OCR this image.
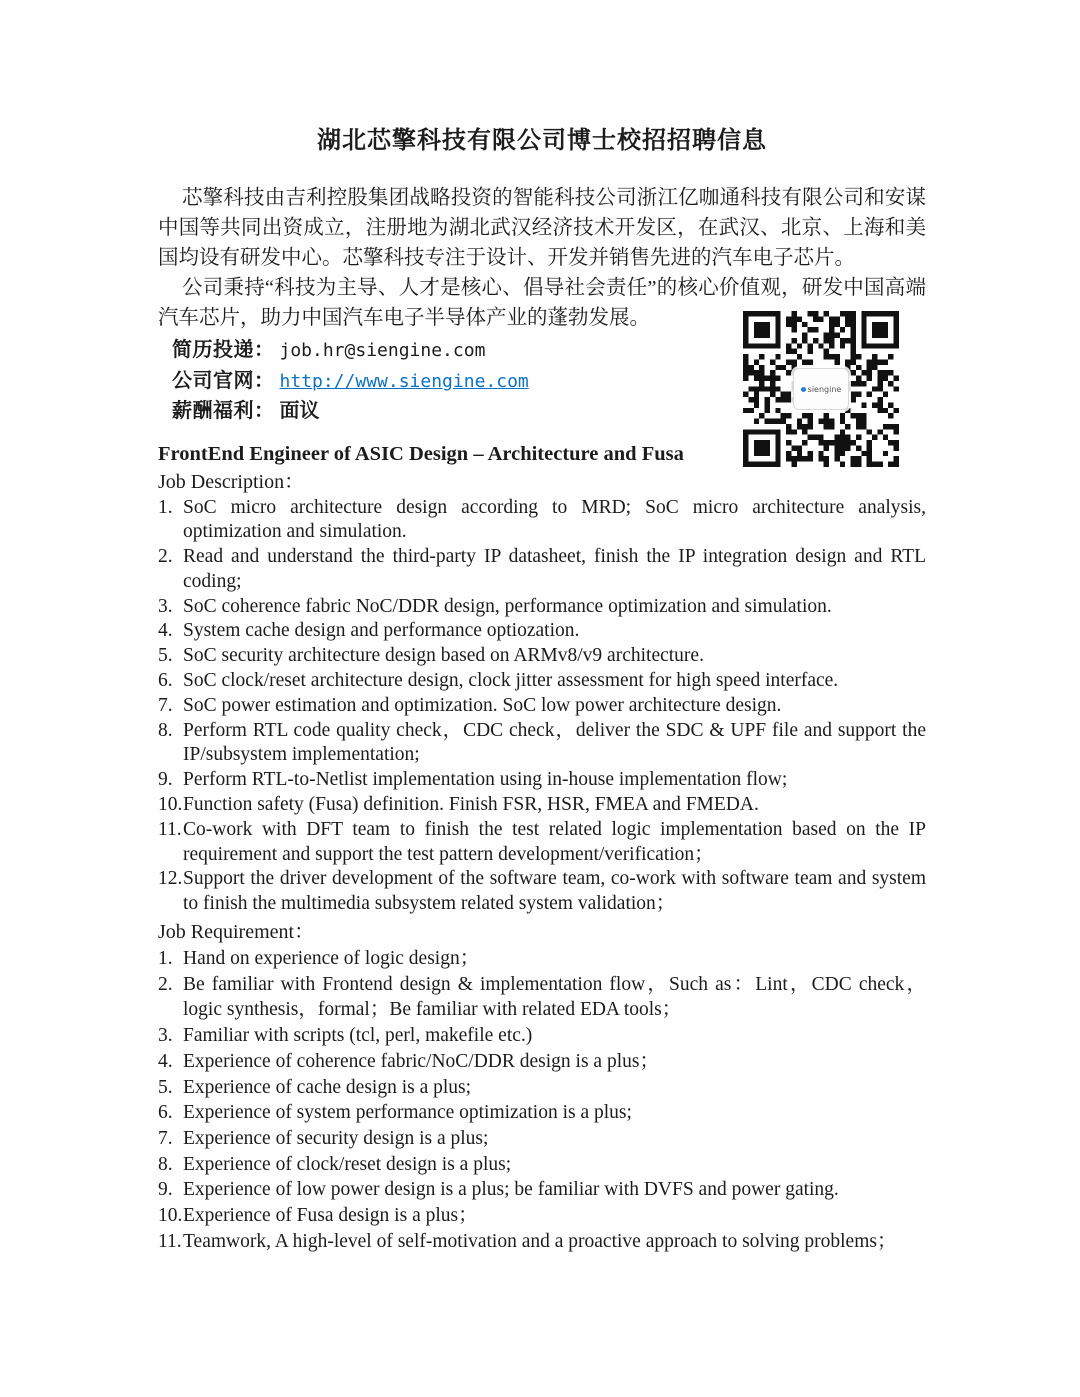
湖北芯擎科技有限公司博士校招招聘信息

芯擎科技由吉利控股集团战略投资的智能科技公司浙江亿咖通科技有限公司和安谋中国等共同出资成立，注册地为湖北武汉经济技术开发区，在武汉、北京、上海和美国均设有研发中心。芯擎科技专注于设计、开发并销售先进的汽车电子芯片。

公司秉持“科技为主导、人才是核心、倡导社会责任”的核心价值观，研发中国高端汽车芯片，助力中国汽车电子半导体产业的蓬勃发展。

简历投递： job.hr@siengine.com
公司官网： http://www.siengine.com
薪酬福利： 面议
siengine
FrontEnd Engineer of ASIC Design – Architecture and Fusa
Job Description：
1. SoC micro architecture design according to MRD; SoC micro architecture analysis, optimization and simulation.
2. Read and understand the third-party IP datasheet, finish the IP integration design and RTL coding;
3. SoC coherence fabric NoC/DDR design, performance optimization and simulation.
4. System cache design and performance optiozation.
5. SoC security architecture design based on ARMv8/v9 architecture.
6. SoC clock/reset architecture design, clock jitter assessment for high speed interface.
7. SoC power estimation and optimization. SoC low power architecture design.
8. Perform RTL code quality check，CDC check，deliver the SDC & UPF file and support the IP/subsystem implementation;
9. Perform RTL-to-Netlist implementation using in-house implementation flow;
10. Function safety (Fusa) definition. Finish FSR, HSR, FMEA and FMEDA.
11. Co-work with DFT team to finish the test related logic implementation based on the IP requirement and support the test pattern development/verification；
12. Support the driver development of the software team, co-work with software team and system to finish the multimedia subsystem related system validation；
Job Requirement：
1. Hand on experience of logic design；
2. Be familiar with Frontend design & implementation flow，Such as：Lint，CDC check，logic synthesis，formal；Be familiar with related EDA tools；
3. Familiar with scripts (tcl, perl, makefile etc.)
4. Experience of coherence fabric/NoC/DDR design is a plus；
5. Experience of cache design is a plus;
6. Experience of system performance optimization is a plus;
7. Experience of security design is a plus;
8. Experience of clock/reset design is a plus;
9. Experience of low power design is a plus; be familiar with DVFS and power gating.
10. Experience of Fusa design is a plus；
11. Teamwork, A high-level of self-motivation and a proactive approach to solving problems；
